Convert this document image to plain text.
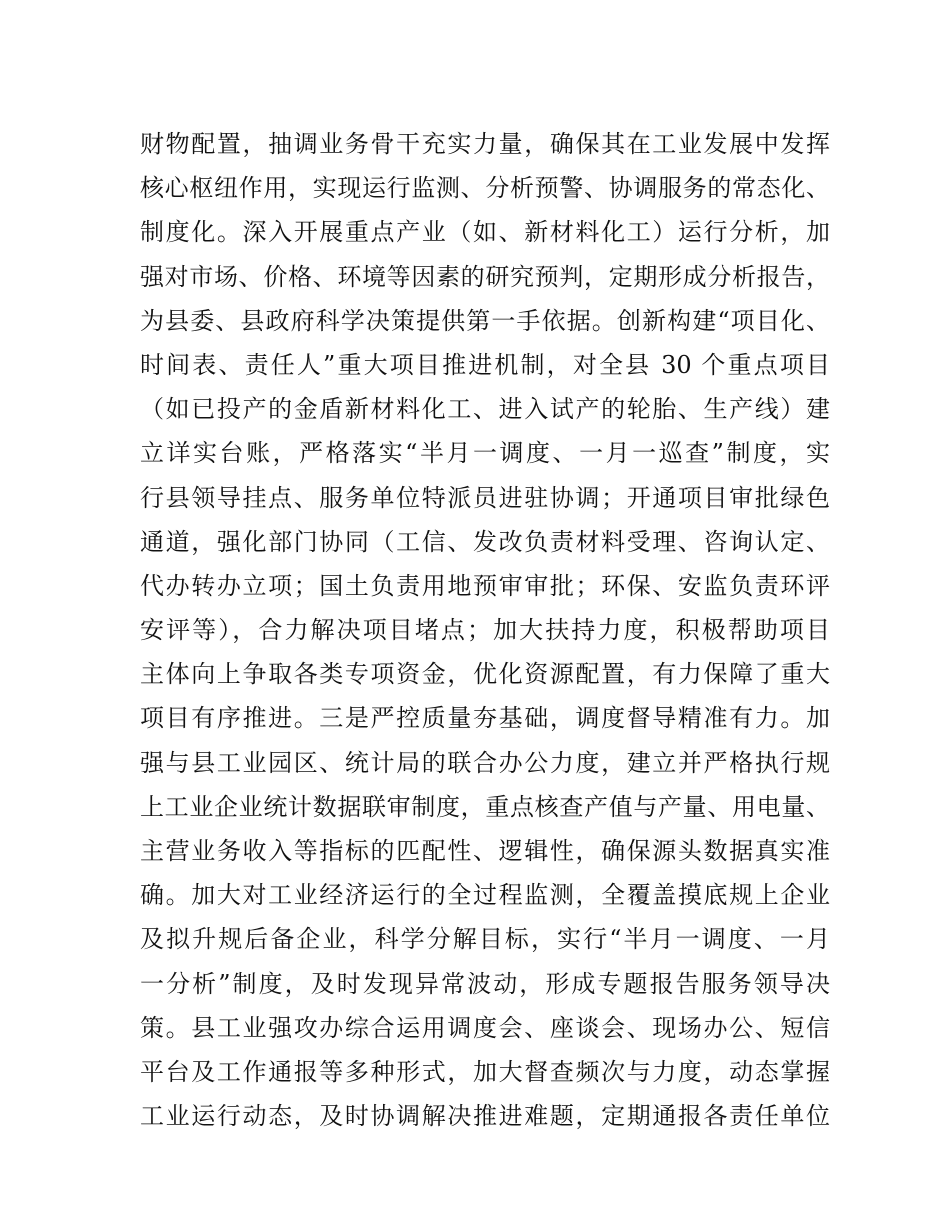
财物配置，抽调业务骨干充实力量，确保其在工业发展中发挥
核心枢纽作用，实现运行监测、分析预警、协调服务的常态化、
制度化。深入开展重点产业（如、新材料化工）运行分析，加
强对市场、价格、环境等因素的研究预判，定期形成分析报告，
为县委、县政府科学决策提供第一手依据。创新构建“项目化、
时间表、责任人”重大项目推进机制，对全县 30 个重点项目
（如已投产的金盾新材料化工、进入试产的轮胎、生产线）建
立详实台账，严格落实“半月一调度、一月一巡查”制度，实
行县领导挂点、服务单位特派员进驻协调；开通项目审批绿色
通道，强化部门协同（工信、发改负责材料受理、咨询认定、
代办转办立项；国土负责用地预审审批；环保、安监负责环评
安评等），合力解决项目堵点；加大扶持力度，积极帮助项目
主体向上争取各类专项资金，优化资源配置，有力保障了重大
项目有序推进。三是严控质量夯基础，调度督导精准有力。加
强与县工业园区、统计局的联合办公力度，建立并严格执行规
上工业企业统计数据联审制度，重点核查产值与产量、用电量、
主营业务收入等指标的匹配性、逻辑性，确保源头数据真实准
确。加大对工业经济运行的全过程监测，全覆盖摸底规上企业
及拟升规后备企业，科学分解目标，实行“半月一调度、一月
一分析”制度，及时发现异常波动，形成专题报告服务领导决
策。县工业强攻办综合运用调度会、座谈会、现场办公、短信
平台及工作通报等多种形式，加大督查频次与力度，动态掌握
工业运行动态，及时协调解决推进难题，定期通报各责任单位
